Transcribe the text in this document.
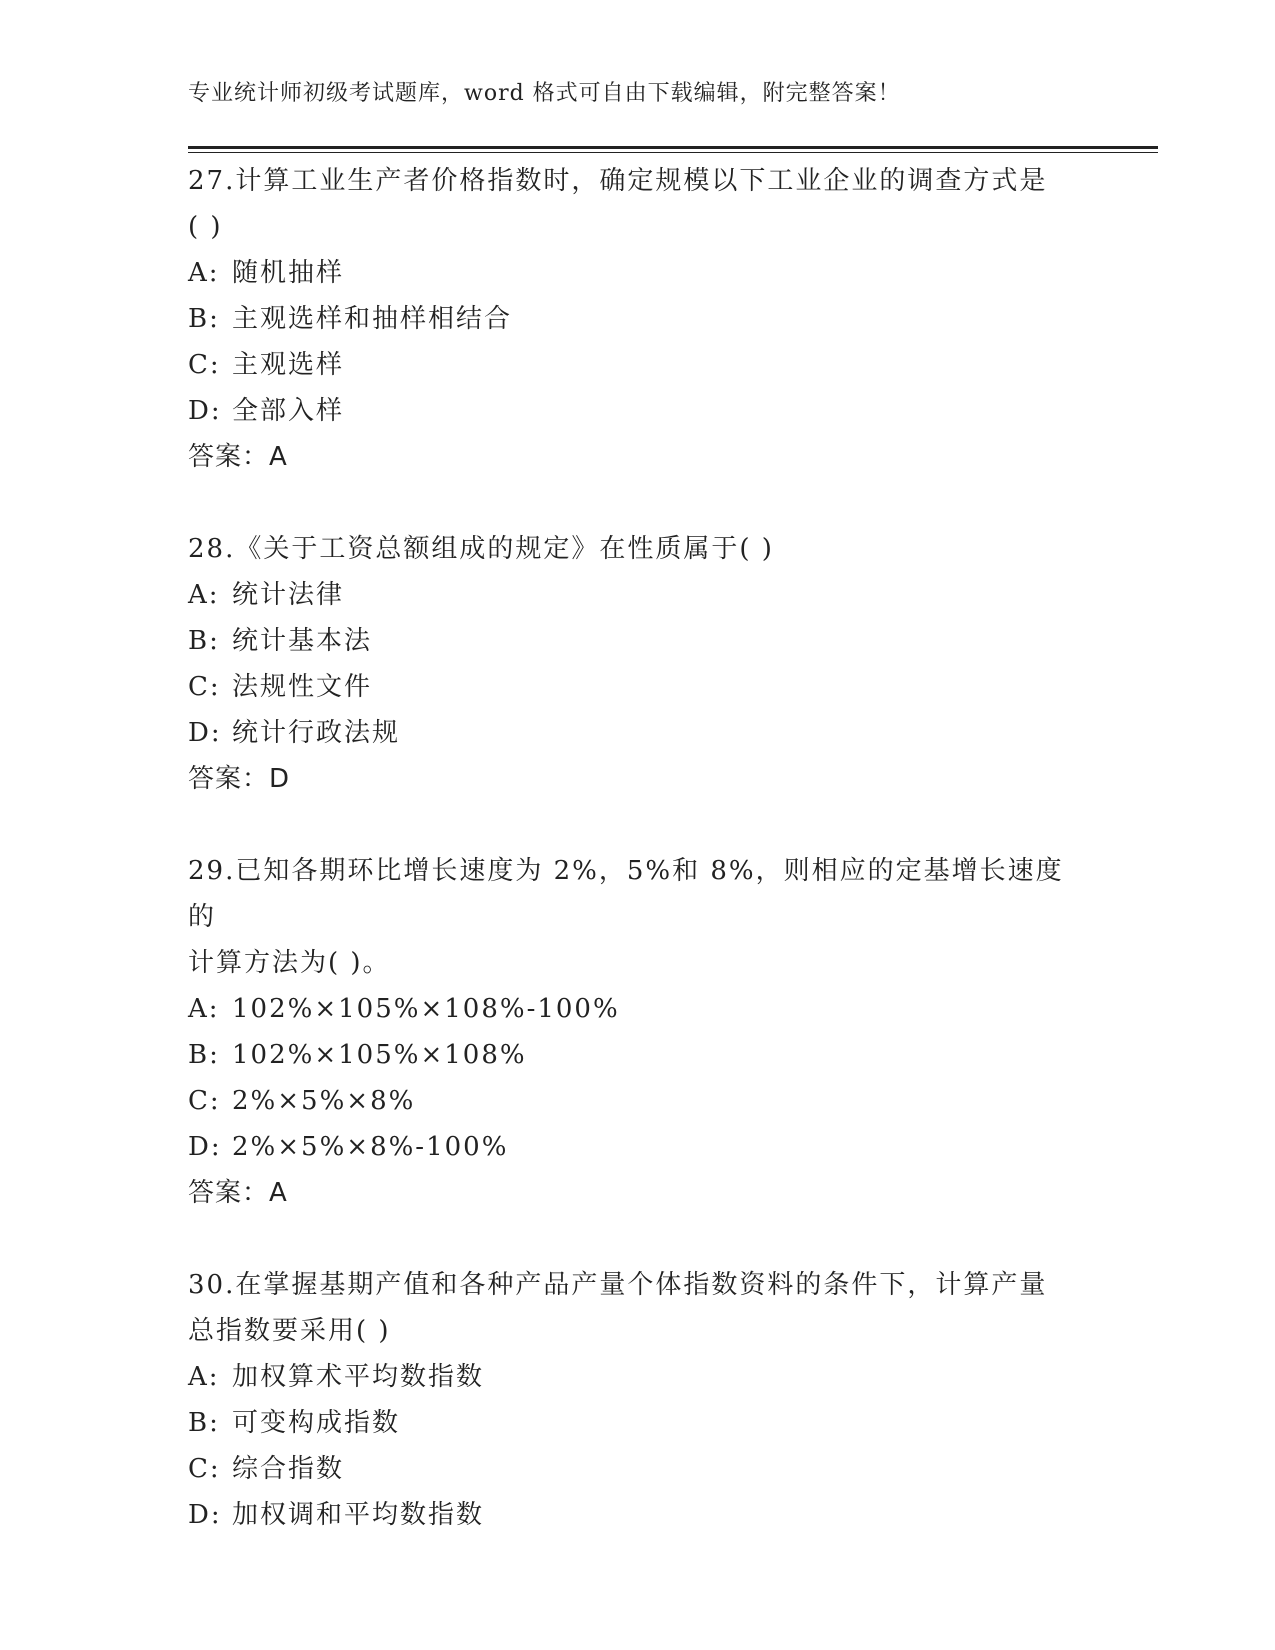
专业统计师初级考试题库，word 格式可自由下载编辑，附完整答案！

27.计算工业生产者价格指数时，确定规模以下工业企业的调查方式是

( )

A: 随机抽样

B: 主观选样和抽样相结合

C: 主观选样

D: 全部入样

答案：A

28.《关于工资总额组成的规定》在性质属于( )

A: 统计法律

B: 统计基本法

C: 法规性文件

D: 统计行政法规

答案：D

29.已知各期环比增长速度为 2%，5%和 8%，则相应的定基增长速度的

计算方法为( )。

A: 102%×105%×108%-100%

B: 102%×105%×108%

C: 2%×5%×8%

D: 2%×5%×8%-100%

答案：A

30.在掌握基期产值和各种产品产量个体指数资料的条件下，计算产量

总指数要采用( )

A: 加权算术平均数指数

B: 可变构成指数

C: 综合指数

D: 加权调和平均数指数
